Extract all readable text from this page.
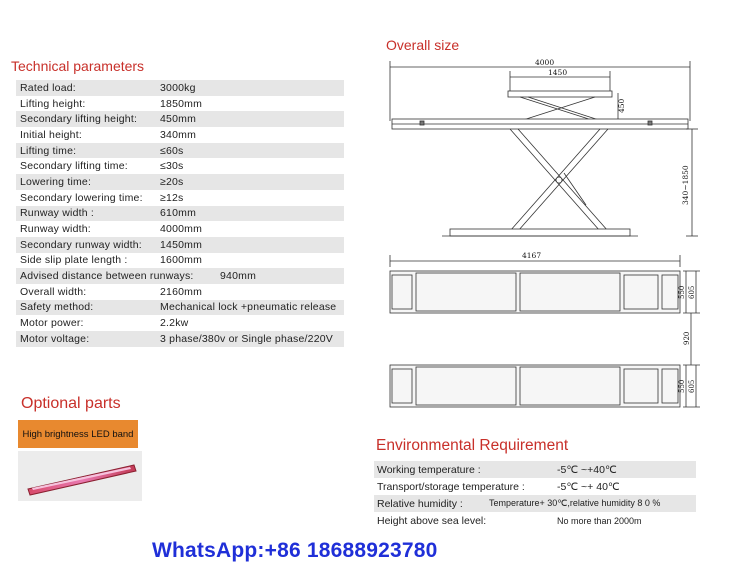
Overall size
Technical parameters
Optional parts
Environmental Requirement
Rated load:	3000kg
Lifting height:	1850mm
Secondary lifting height:	450mm
Initial height:	340mm
Lifting time:	≤60s
Secondary lifting time:	≤30s
Lowering time:	≥20s
Secondary lowering time:	≥12s
Runway width :	610mm
Runway width:	4000mm
Secondary runway width:	1450mm
Side slip plate length :	1600mm
Advised distance between runways:	940mm
Overall width:	2160mm
Safety method:	Mechanical lock +pneumatic release
Motor power:	2.2kw
Motor voltage:	3 phase/380v or Single phase/220V
High brightness LED band
4000
1450
450
340~1850
4167
550 605
920
550 605
Working temperature :	-5℃ ~+40℃
Transport/storage temperature :	-5℃ ~+ 40℃
Relative humidity :	Temperature+ 30℃,relative humidity 8 0 %
Height above sea level:	No more than 2000m
WhatsApp:+86 18688923780
